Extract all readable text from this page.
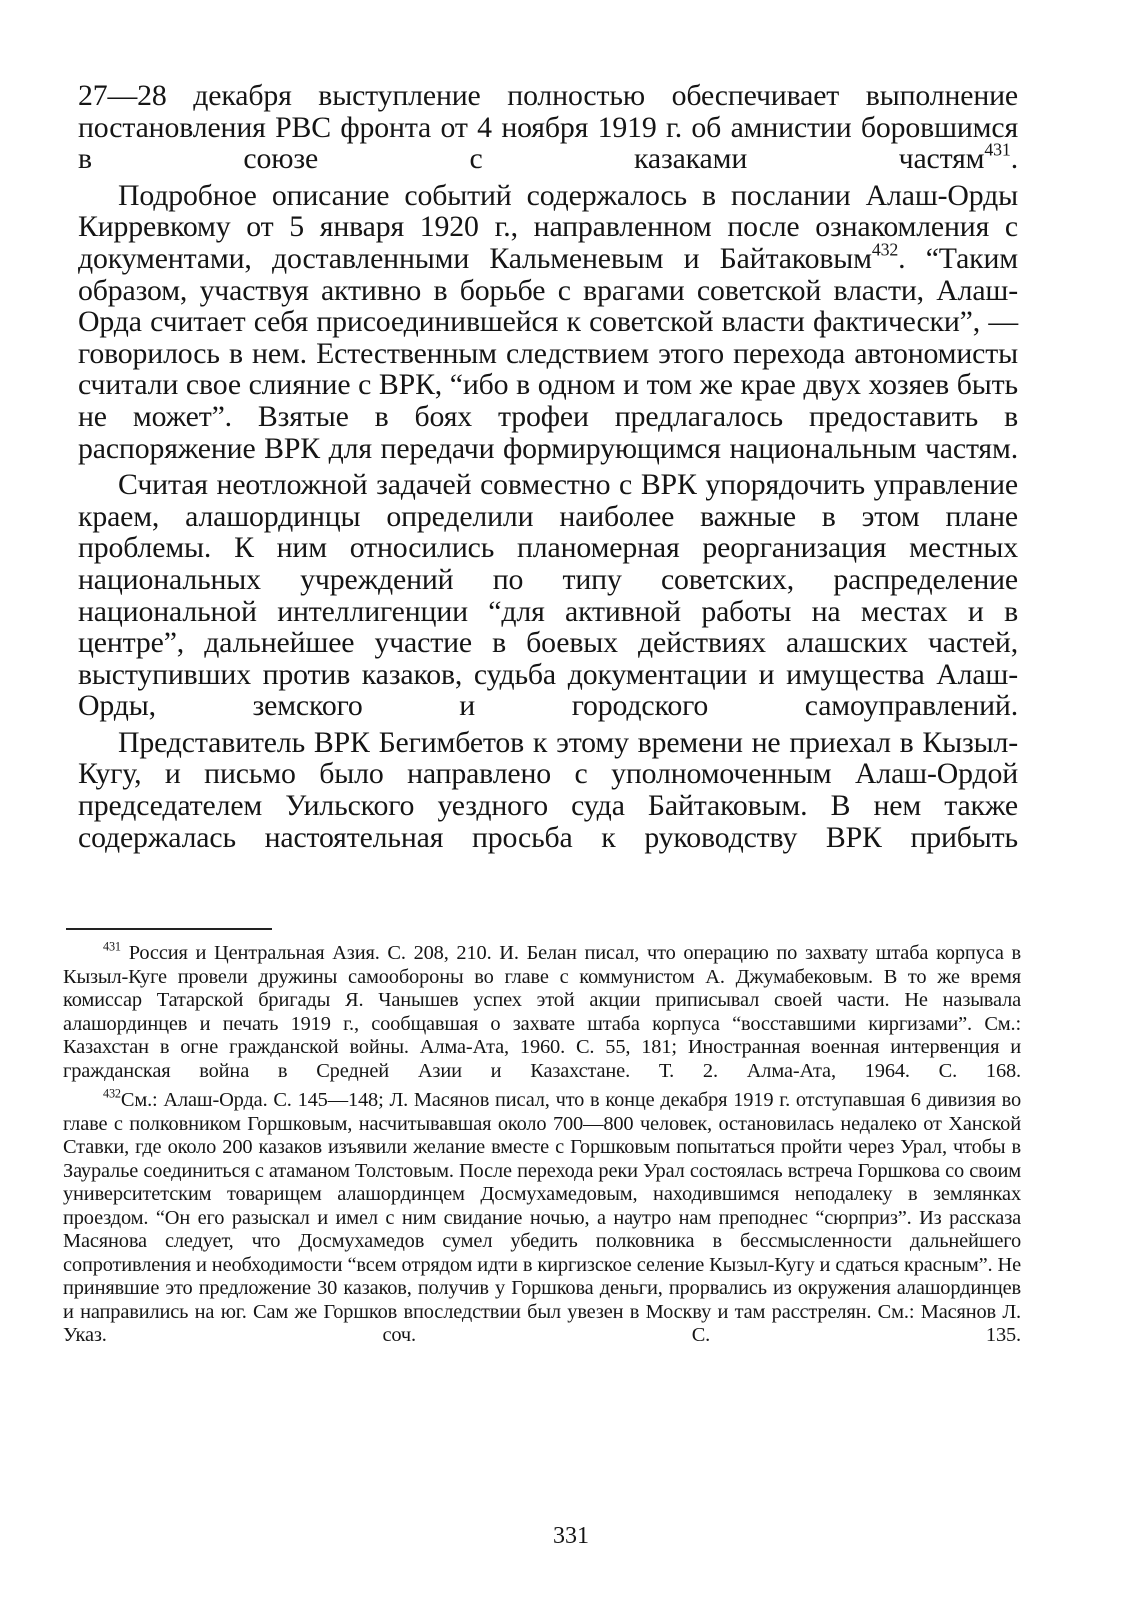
27—28 декабря выступление полностью обеспечивает выполнение постановления РВС фронта от 4 ноября 1919 г. об амнистии боровшимся в союзе с казаками частям$^{431}$.

Подробное описание событий содержалось в послании Алаш-Орды Кирревкому от 5 января 1920 г., направленном после ознакомления с документами, доставленными Кальменевым и Байтаковым$^{432}$. “Таким образом, участвуя активно в борьбе с врагами советской власти, Алаш-Орда считает себя присоединившейся к советской власти фактически”, — говорилось в нем. Естественным следствием этого перехода автономисты считали свое слияние с ВРК, “ибо в одном и том же крае двух хозяев быть не может”. Взятые в боях трофеи предлагалось предоставить в распоряжение ВРК для передачи формирующимся национальным частям.

Считая неотложной задачей совместно с ВРК упорядочить управление краем, алашординцы определили наиболее важные в этом плане проблемы. К ним относились планомерная реорганизация местных национальных учреждений по типу советских, распределение национальной интеллигенции “для активной работы на местах и в центре”, дальнейшее участие в боевых действиях алашских частей, выступивших против казаков, судьба документации и имущества Алаш-Орды, земского и городского самоуправлений.

Представитель ВРК Бегимбетов к этому времени не приехал в Кызыл-Кугу, и письмо было направлено с уполномоченным Алаш-Ордой председателем Уильского уездного суда Байтаковым. В нем также содержалась настоятельная просьба к руководству ВРК прибыть

$^{431}$ Россия и Центральная Азия. С. 208, 210. И. Белан писал, что операцию по захвату штаба корпуса в Кызыл-Куге провели дружины самообороны во главе с коммунистом А. Джумабековым. В то же время комиссар Татарской бригады Я. Чанышев успех этой акции приписывал своей части. Не называла алашординцев и печать 1919 г., сообщавшая о захвате штаба корпуса “восставшими киргизами”. См.: Казахстан в огне гражданской войны. Алма-Ата, 1960. С. 55, 181; Иностранная военная интервенция и гражданская война в Средней Азии и Казахстане. Т. 2. Алма-Ата, 1964. С. 168.

$^{432}$См.: Алаш-Орда. С. 145—148; Л. Масянов писал, что в конце декабря 1919 г. отступавшая 6 дивизия во главе с полковником Горшковым, насчитывавшая около 700—800 человек, остановилась недалеко от Ханской Ставки, где около 200 казаков изъявили желание вместе с Горшковым попытаться пройти через Урал, чтобы в Зауралье соединиться с атаманом Толстовым. После перехода реки Урал состоялась встреча Горшкова со своим университетским товарищем алашординцем Досмухамедовым, находившимся неподалеку в землянках проездом. “Он его разыскал и имел с ним свидание ночью, а наутро нам преподнес “сюрприз”. Из рассказа Масянова следует, что Досмухамедов сумел убедить полковника в бессмысленности дальнейшего сопротивления и необходимости “всем отрядом идти в киргизское селение Кызыл-Кугу и сдаться красным”. Не принявшие это предложение 30 казаков, получив у Горшкова деньги, прорвались из окружения алашординцев и направились на юг. Сам же Горшков впоследствии был увезен в Москву и там расстрелян. См.: Масянов Л. Указ. соч. С. 135.

331
